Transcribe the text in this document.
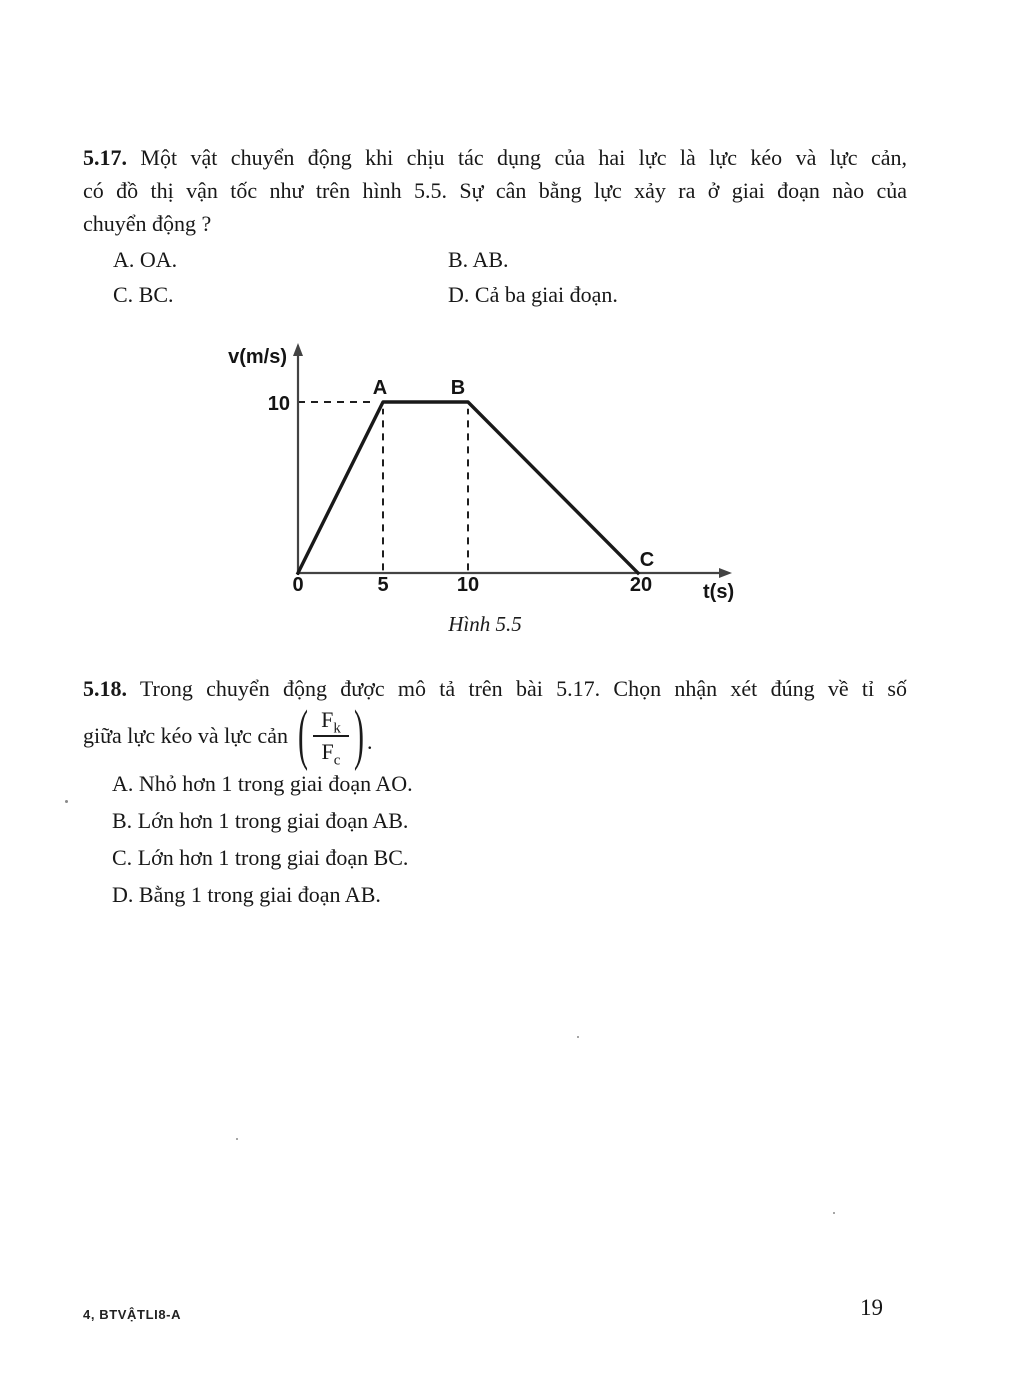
5.17. Một vật chuyển động khi chịu tác dụng của hai lực là lực kéo và lực cản,
có đồ thị vận tốc như trên hình 5.5. Sự cân bằng lực xảy ra ở giai đoạn nào của
chuyển động ?
A. OA.	B. AB.
C. BC.	D. Cả ba giai đoạn.
A	B
C
0	5	10	20
10
v(m/s)
t(s)
Hình 5.5
5.18. Trong chuyển động được mô tả trên bài 5.17. Chọn nhận xét đúng về tỉ số
giữa lực kéo và lực cản ( $\frac{F_k}{F_c}$ ) .
A. Nhỏ hơn 1 trong giai đoạn AO.
B. Lớn hơn 1 trong giai đoạn AB.
C. Lớn hơn 1 trong giai đoạn BC.
D. Bằng 1 trong giai đoạn AB.
4, BTVẬTLI8-A	19
